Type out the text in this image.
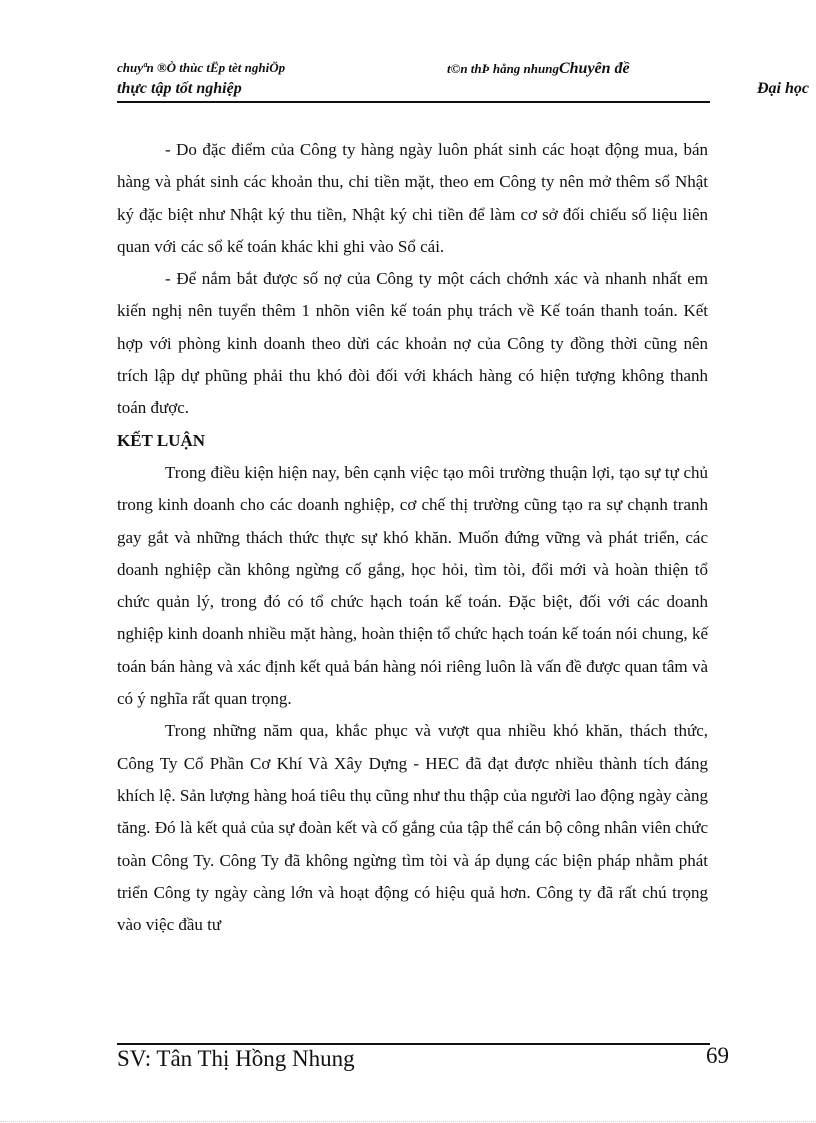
chuyªn ®Ò thùc tËp tèt nghiÖp	t©n thÞ hång nhungChuyên đề
thực tập tốt nghiệp	Đại học

- Do đặc điểm của Công ty hàng ngày luôn phát sinh các hoạt động mua, bán hàng và phát sinh các khoản thu, chi tiền mặt, theo em Công ty nên mở thêm sổ Nhật ký đặc biệt như Nhật ký thu tiền, Nhật ký chi tiền để làm cơ sở đối chiếu số liệu liên quan với các sổ kế toán khác khi ghi vào Sổ cái.

- Để nắm bắt được số nợ của Công ty một cách chớnh xác và nhanh nhất em kiến nghị nên tuyển thêm 1 nhõn viên kế toán phụ trách về Kế toán thanh toán. Kết hợp với phòng kinh doanh theo dừi các khoản nợ của Công ty đồng thời cũng nên trích lập dự phũng phải thu khó đòi đối với khách hàng có hiện tượng không thanh toán được.

KẾT LUẬN

Trong điều kiện hiện nay, bên cạnh việc tạo môi trường thuận lợi, tạo sự tự chủ trong kinh doanh cho các doanh nghiệp, cơ chế thị trường cũng tạo ra sự chạnh tranh gay gắt và những thách thức thực sự khó khăn. Muốn đứng vững và phát triển, các doanh nghiệp cần không ngừng cố gắng, học hỏi, tìm tòi, đổi mới và hoàn thiện tổ chức quản lý, trong đó có tổ chức hạch toán kế toán. Đặc biệt, đối với các doanh nghiệp kinh doanh nhiều mặt hàng, hoàn thiện tổ chức hạch toán kế toán nói chung, kế toán bán hàng và xác định kết quả bán hàng nói riêng luôn là vấn đề được quan tâm và có ý nghĩa rất quan trọng.

Trong những năm qua, khắc phục và vượt qua nhiều khó khăn, thách thức, Công Ty Cổ Phần Cơ Khí Và Xây Dựng - HEC đã đạt được nhiều thành tích đáng khích lệ. Sản lượng hàng hoá tiêu thụ cũng như thu thập của người lao động ngày càng tăng. Đó là kết quả của sự đoàn kết và cố gắng của tập thể cán bộ công nhân viên chức toàn Công Ty. Công Ty đã không ngừng tìm tòi và áp dụng các biện pháp nhằm phát triển Công ty ngày càng lớn và hoạt động có hiệu quả hơn. Công ty đã rất chú trọng vào việc đầu tư

SV: Tân Thị Hồng Nhung	69
